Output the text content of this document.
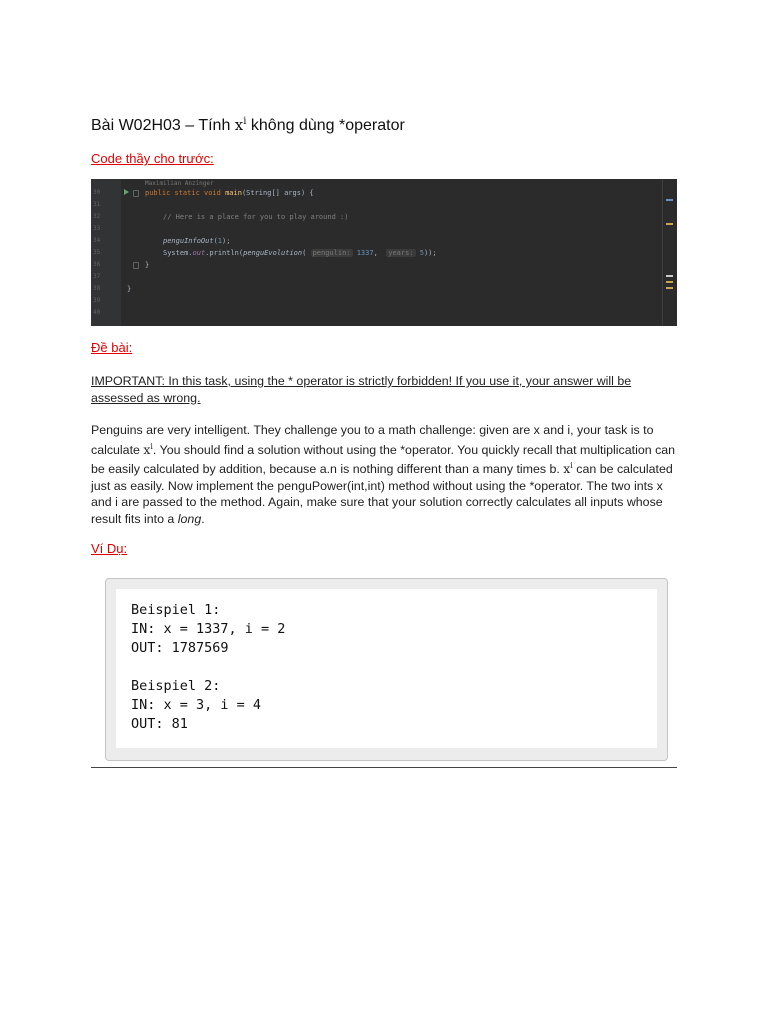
Bài W02H03 – Tính $x^i$ không dùng *operator
Code thầy cho trước:
30
31
32
33
34
35
36
37
38
39
40
Maximilian Anzinger
public static void main(String[] args) {
// Here is a place for you to play around :)
penguInfoOut(1);
System.out.println(penguEvolution( pengulin: 1337,  years: 5));
}
}
Đề bài:
IMPORTANT: In this task, using the * operator is strictly forbidden! If you use it, your answer will be assessed as wrong.
Penguins are very intelligent. They challenge you to a math challenge: given are x and i, your task is to calculate $x^i$. You should find a solution without using the *operator. You quickly recall that multiplication can be easily calculated by addition, because a.n is nothing different than a many times b. $x^i$ can be calculated just as easily. Now implement the penguPower(int,int) method without using the *operator. The two ints x and i are passed to the method. Again, make sure that your solution correctly calculates all inputs whose result fits into a long.
Ví Dụ:
Beispiel 1:
IN: x = 1337, i = 2
OUT: 1787569
Beispiel 2:
IN: x = 3, i = 4
OUT: 81
